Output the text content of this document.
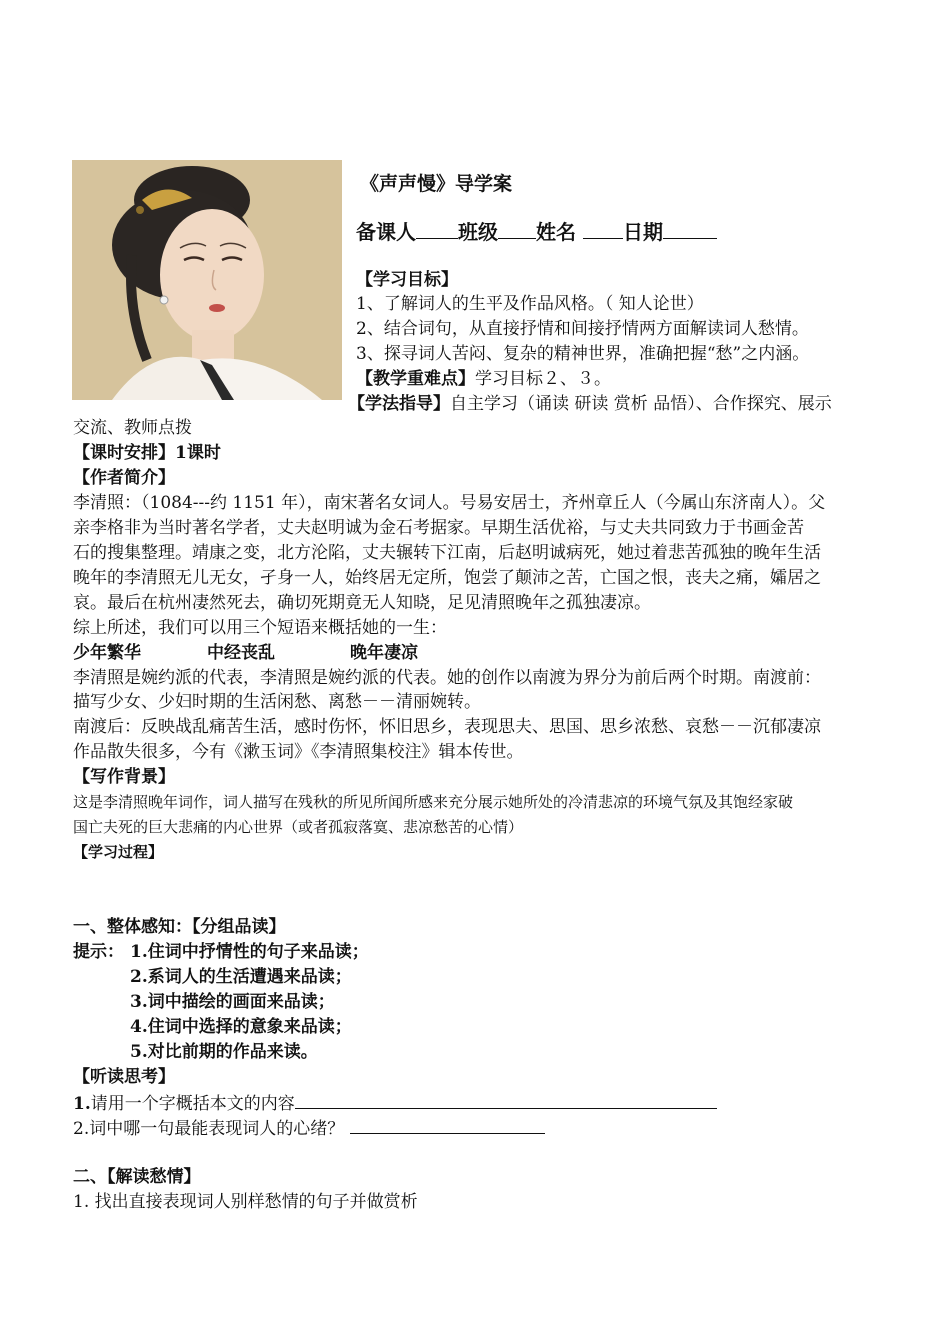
《声声慢》导学案
备课人 班级 姓名 日期
【学习目标】
1、了解词人的生平及作品风格。（ 知人论世）
2、结合词句，从直接抒情和间接抒情两方面解读词人愁情。
3、探寻词人苦闷、复杂的精神世界，准确把握“愁”之内涵。
【教学重难点】学习目标２、３。
【学法指导】自主学习（诵读 研读 赏析 品悟）、合作探究、展示
交流、教师点拨
【课时安排】1课时
【作者简介】
李清照：（1084---约 1151 年），南宋著名女词人。号易安居士，齐州章丘人（今属山东济南人）。父
亲李格非为当时著名学者，丈夫赵明诚为金石考据家。早期生活优裕，与丈夫共同致力于书画金苦
石的搜集整理。靖康之变，北方沦陷，丈夫辗转下江南，后赵明诚病死，她过着悲苦孤独的晚年生活
晚年的李清照无儿无女，孑身一人，始终居无定所，饱尝了颠沛之苦，亡国之恨，丧夫之痛，孀居之
哀。最后在杭州凄然死去，确切死期竟无人知晓，足见清照晚年之孤独凄凉。
综上所述，我们可以用三个短语来概括她的一生：
少年繁华	中经丧乱	晚年凄凉
李清照是婉约派的代表，李清照是婉约派的代表。她的创作以南渡为界分为前后两个时期。南渡前：
描写少女、少妇时期的生活闲愁、离愁－－清丽婉转。
南渡后：反映战乱痛苦生活，感时伤怀，怀旧思乡，表现思夫、思国、思乡浓愁、哀愁－－沉郁凄凉
作品散失很多，今有《漱玉词》《李清照集校注》辑本传世。
【写作背景】
这是李清照晚年词作，词人描写在残秋的所见所闻所感来充分展示她所处的冷清悲凉的环境气氛及其饱经家破
国亡夫死的巨大悲痛的内心世界（或者孤寂落寞、悲凉愁苦的心情）
【学习过程】
一、整体感知：【分组品读】
提示： 1.住词中抒情性的句子来品读；
2.系词人的生活遭遇来品读；
3.词中描绘的画面来品读；
4.住词中选择的意象来品读；
5.对比前期的作品来读。
【听读思考】
1.请用一个字概括本文的内容
2.词中哪一句最能表现词人的心绪？
二、【解读愁情】
1. 找出直接表现词人别样愁情的句子并做赏析
